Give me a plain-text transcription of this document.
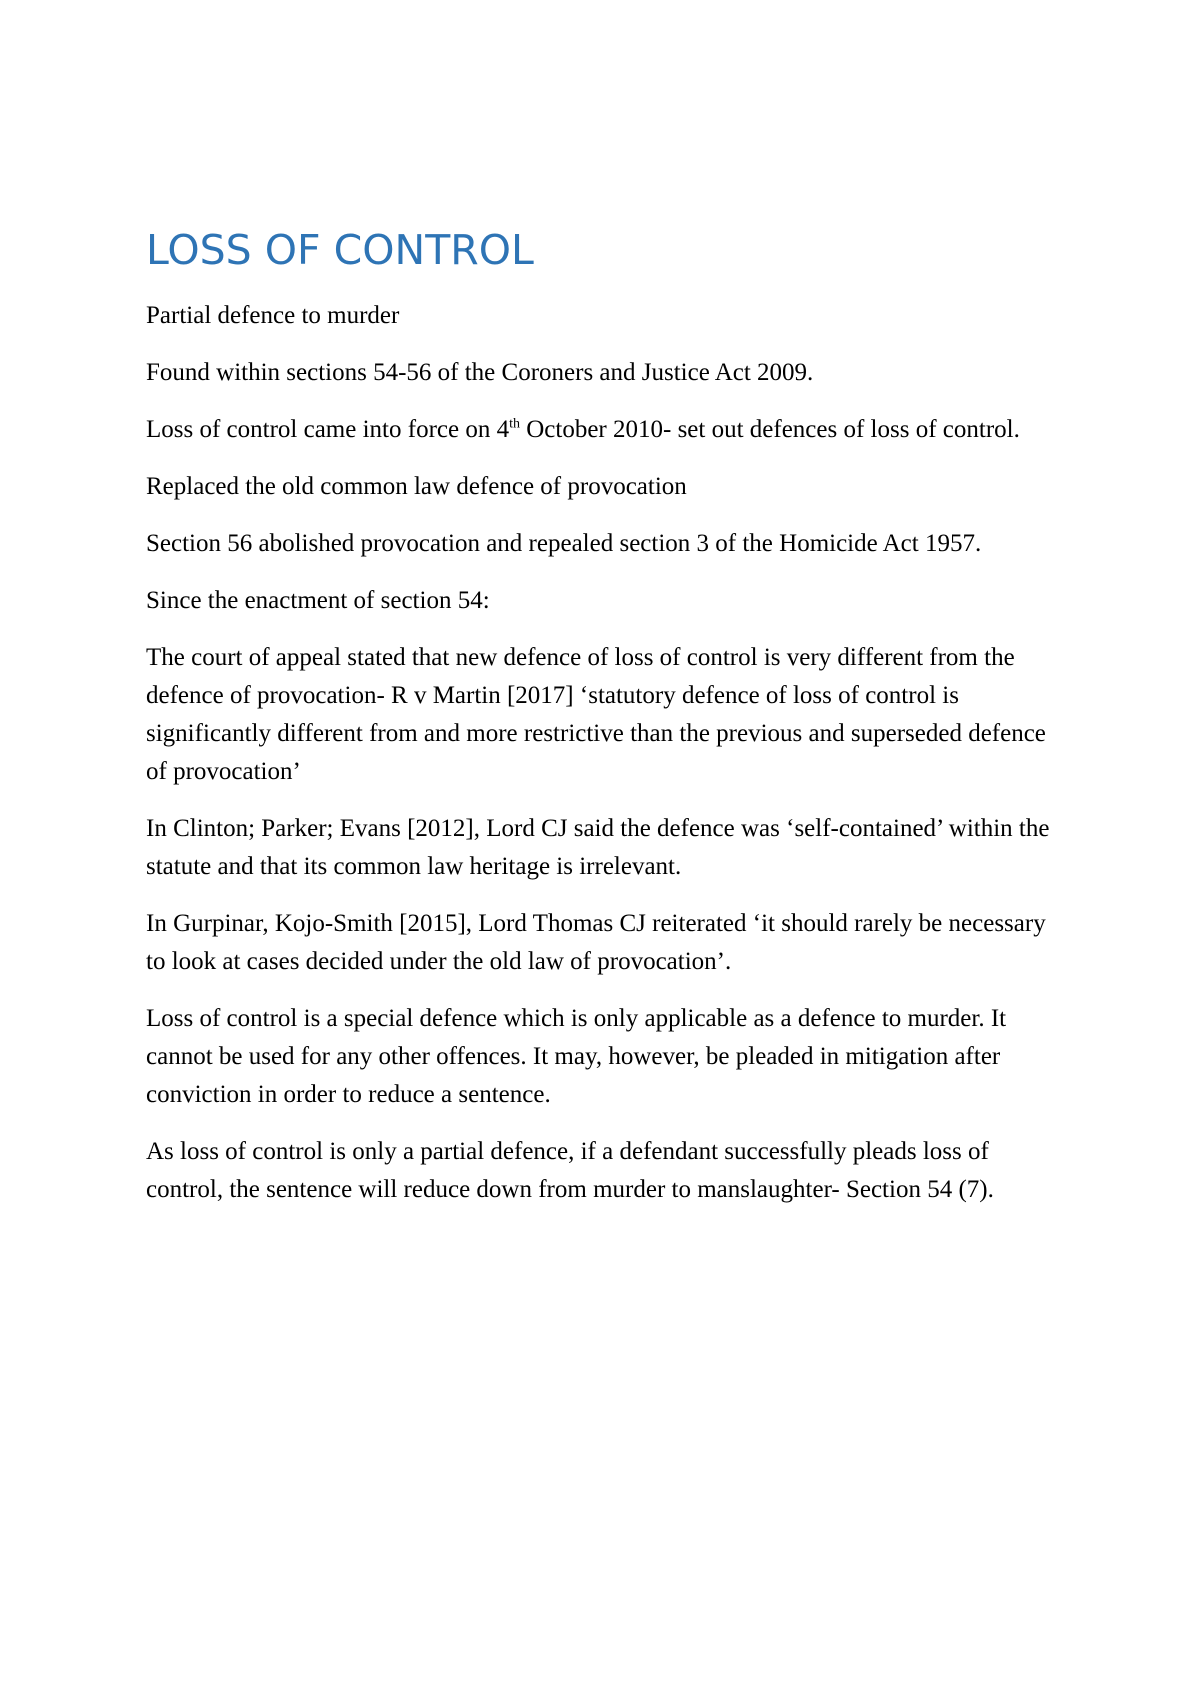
LOSS OF CONTROL

Partial defence to murder

Found within sections 54-56 of the Coroners and Justice Act 2009.

Loss of control came into force on 4th October 2010- set out defences of loss of control.

Replaced the old common law defence of provocation

Section 56 abolished provocation and repealed section 3 of the Homicide Act 1957.

Since the enactment of section 54:

The court of appeal stated that new defence of loss of control is very different from the defence of provocation- R v Martin [2017] ‘statutory defence of loss of control is significantly different from and more restrictive than the previous and superseded defence of provocation’

In Clinton; Parker; Evans [2012], Lord CJ said the defence was ‘self-contained’ within the statute and that its common law heritage is irrelevant.

In Gurpinar, Kojo-Smith [2015], Lord Thomas CJ reiterated ‘it should rarely be necessary to look at cases decided under the old law of provocation’.

Loss of control is a special defence which is only applicable as a defence to murder. It cannot be used for any other offences. It may, however, be pleaded in mitigation after conviction in order to reduce a sentence.

As loss of control is only a partial defence, if a defendant successfully pleads loss of control, the sentence will reduce down from murder to manslaughter- Section 54 (7).
